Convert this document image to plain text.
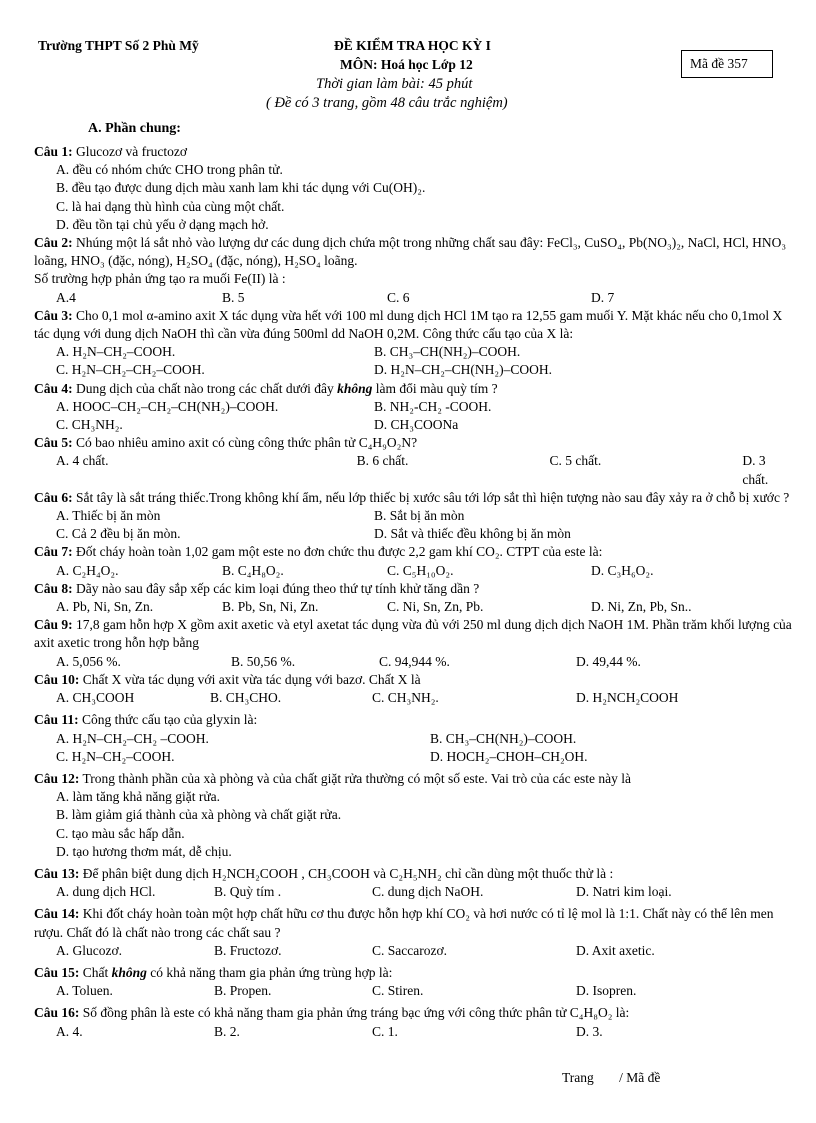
Trường THPT Số 2 Phù Mỹ	ĐỀ KIỂM TRA HỌC KỲ I
MÔN: Hoá học Lớp 12
Thời gian làm bài: 45 phút
( Đề có 3 trang, gồm 48 câu trắc nghiệm)
Mã đề 357
A. Phần chung:
Câu 1: Glucozơ và fructozơ
A. đều có nhóm chức CHO trong phân tử.
B. đều tạo được dung dịch màu xanh lam khi tác dụng với Cu(OH)₂.
C. là hai dạng thù hình của cùng một chất.
D. đều tồn tại chủ yếu ở dạng mạch hở.
Câu 2: Nhúng một lá sắt nhỏ vào lượng dư các dung dịch chứa một trong những chất sau đây: FeCl₃, CuSO₄, Pb(NO₃)₂, NaCl, HCl, HNO₃ loãng, HNO₃ (đặc, nóng), H₂SO₄ (đặc, nóng), H₂SO₄ loãng.
Số trường hợp phản ứng tạo ra muối Fe(II) là :
A.4	B. 5	C. 6	D. 7
Câu 3: Cho 0,1 mol α-amino axit X tác dụng vừa hết với 100 ml dung dịch HCl 1M tạo ra 12,55 gam muối Y. Mặt khác nếu cho 0,1mol X tác dụng với dung dịch NaOH thì cần vừa đúng 500ml dd NaOH 0,2M. Công thức cấu tạo của X là:
A. H₂N–CH₂–COOH.	B. CH₃–CH(NH₂)–COOH.
C. H₂N–CH₂–CH₂–COOH.	D. H₂N–CH₂–CH(NH₂)–COOH.
Câu 4: Dung dịch của chất nào trong các chất dưới đây không làm đổi màu quỳ tím ?
A. HOOC–CH₂–CH₂–CH(NH₂)–COOH.	B. NH₂-CH₂ -COOH.
C. CH₃NH₂.	D. CH₃COONa
Câu 5: Có bao nhiêu amino axit có cùng công thức phân tử C₄H₉O₂N?
A. 4 chất.	B. 6 chất.	C. 5 chất.	D. 3 chất.
Câu 6: Sắt tây là sắt tráng thiếc.Trong không khí ẩm, nếu lớp thiếc bị xước sâu tới lớp sắt thì hiện tượng nào sau đây xảy ra ở chỗ bị xước ?
A. Thiếc bị ăn mòn	B. Sắt bị ăn mòn
C. Cả 2 đều bị ăn mòn.	D. Sắt và thiếc đều không bị ăn mòn
Câu 7: Đốt cháy hoàn toàn 1,02 gam một este no đơn chức thu được 2,2 gam khí CO₂. CTPT của este là:
A. C₂H₄O₂.	B. C₄H₈O₂.	C. C₅H₁₀O₂.	D. C₃H₆O₂.
Câu 8: Dãy nào sau đây sắp xếp các kim loại đúng theo thứ tự tính khử tăng dần ?
A. Pb, Ni, Sn, Zn.	B. Pb, Sn, Ni, Zn.	C. Ni, Sn, Zn, Pb.	D. Ni, Zn, Pb, Sn..
Câu 9: 17,8 gam hỗn hợp X gồm axit axetic và etyl axetat tác dụng vừa đủ với 250 ml dung dịch dịch NaOH 1M. Phần trăm khối lượng của axit axetic trong hỗn hợp bằng
A. 5,056 %.	B. 50,56 %.	C. 94,944 %.	D. 49,44 %.
Câu 10: Chất X vừa tác dụng với axit vừa tác dụng với bazơ. Chất X là
A. CH₃COOH	B. CH₃CHO.	C. CH₃NH₂.	D. H₂NCH₂COOH
Câu 11: Công thức cấu tạo của glyxin là:
A. H₂N–CH₂–CH₂ –COOH.	B. CH₃–CH(NH₂)–COOH.
C. H₂N–CH₂–COOH.	D. HOCH₂–CHOH–CH₂OH.
Câu 12: Trong thành phần của xà phòng và của chất giặt rửa thường có một số este. Vai trò của các este này là
A. làm tăng khả năng giặt rửa.
B. làm giảm giá thành của xà phòng và chất giặt rửa.
C. tạo màu sắc hấp dẫn.
D. tạo hương thơm mát, dễ chịu.
Câu 13: Để phân biệt dung dịch H₂NCH₂COOH , CH₃COOH và C₂H₅NH₂ chỉ cần dùng một thuốc thử là :
A. dung dịch HCl.	B. Quỳ tím .	C. dung dịch NaOH.	D. Natri kim loại.
Câu 14: Khi đốt cháy hoàn toàn một hợp chất hữu cơ thu được hỗn hợp khí CO₂ và hơi nước có tỉ lệ mol là 1:1. Chất này có thể lên men rượu. Chất đó là chất nào trong các chất sau ?
A. Glucozơ.	B. Fructozơ.	C. Saccarozơ.	D. Axit axetic.
Câu 15: Chất không có khả năng tham gia phản ứng trùng hợp là:
A. Toluen.	B. Propen.	C. Stiren.	D. Isopren.
Câu 16: Số đồng phân là este có khả năng tham gia phản ứng tráng bạc ứng với công thức phân tử C₄H₈O₂ là:
A. 4.	B. 2.	C. 1.	D. 3.
Trang / Mã đề
